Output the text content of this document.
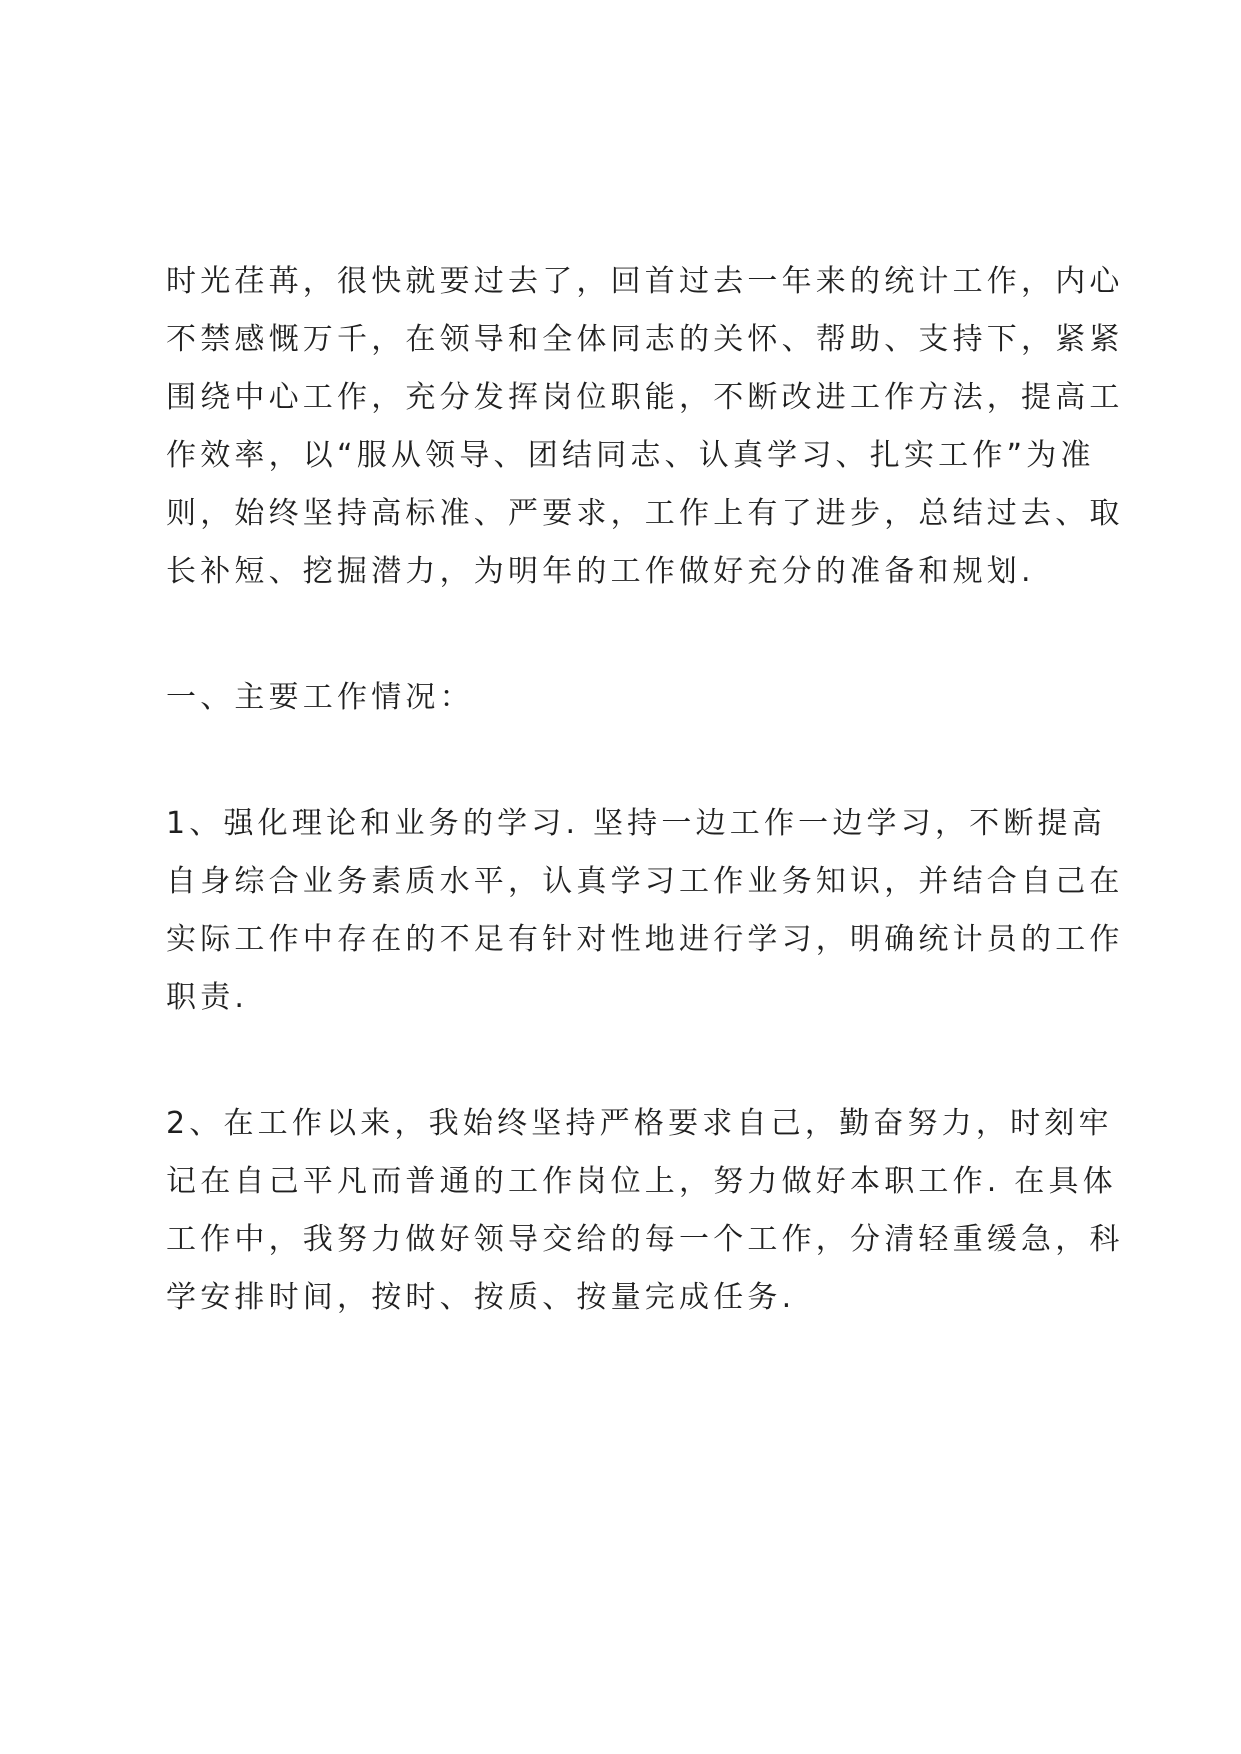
时光荏苒，很快就要过去了，回首过去一年来的统计工作，内心
不禁感慨万千，在领导和全体同志的关怀、帮助、支持下，紧紧
围绕中心工作，充分发挥岗位职能，不断改进工作方法，提高工
作效率，以“服从领导、团结同志、认真学习、扎实工作”为准
则，始终坚持高标准、严要求，工作上有了进步，总结过去、取
长补短、挖掘潜力，为明年的工作做好充分的准备和规划.
一、主要工作情况：
1、强化理论和业务的学习. 坚持一边工作一边学习，不断提高
自身综合业务素质水平，认真学习工作业务知识，并结合自己在
实际工作中存在的不足有针对性地进行学习，明确统计员的工作
职责.
2、在工作以来，我始终坚持严格要求自己，勤奋努力，时刻牢
记在自己平凡而普通的工作岗位上，努力做好本职工作. 在具体
工作中，我努力做好领导交给的每一个工作，分清轻重缓急，科
学安排时间，按时、按质、按量完成任务.
